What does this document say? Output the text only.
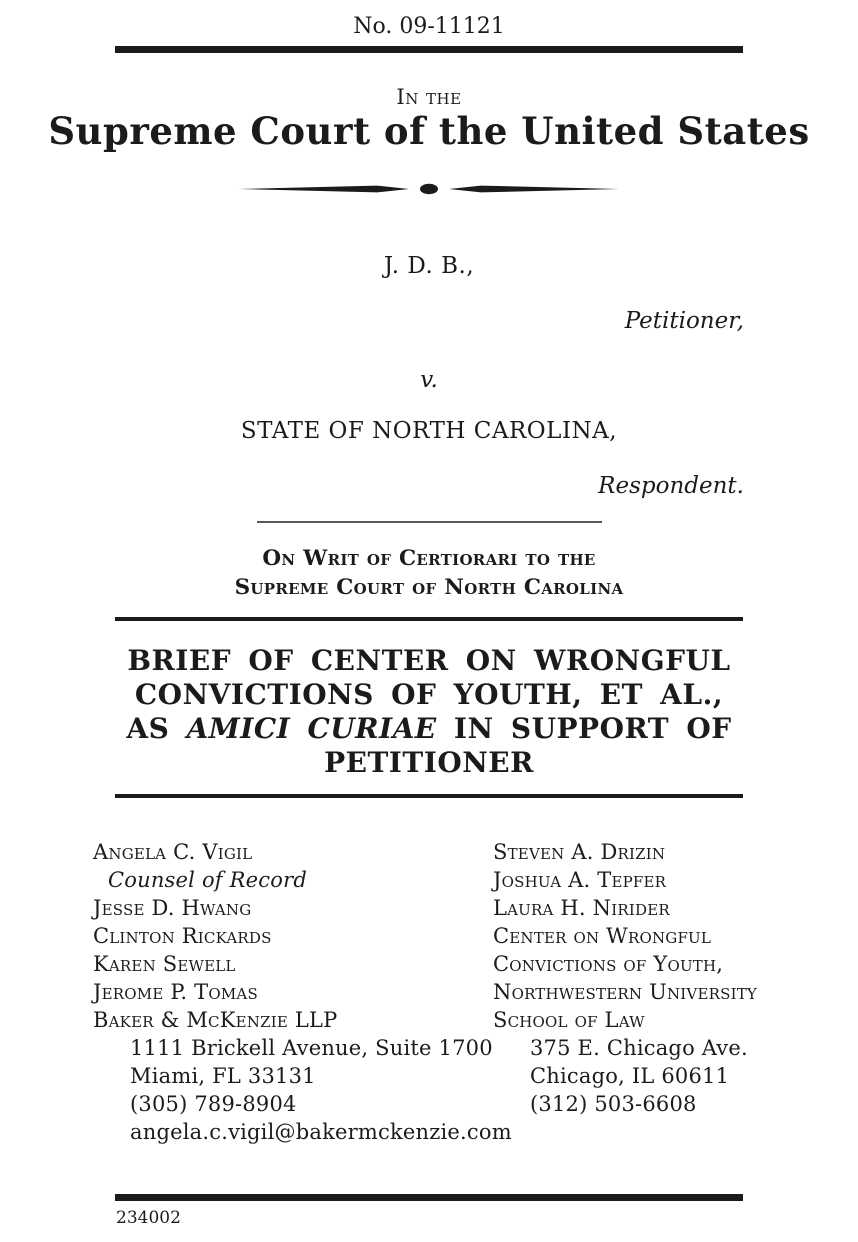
No. 09-11121
In the
Supreme Court of the United States
J. D. B.,
Petitioner,
v.
STATE OF NORTH CAROLINA,
Respondent.
On Writ of Certiorari to the
Supreme Court of North Carolina
BRIEF OF CENTER ON WRONGFUL
CONVICTIONS OF YOUTH, ET AL.,
AS AMICI CURIAE IN SUPPORT OF
PETITIONER
Angela C. Vigil
Counsel of Record
Jesse D. Hwang
Clinton Rickards
Karen Sewell
Jerome P. Tomas
Baker & McKenzie LLP
1111 Brickell Avenue, Suite 1700
Miami, FL 33131
(305) 789-8904
angela.c.vigil@bakermckenzie.com
Steven A. Drizin
Joshua A. Tepfer
Laura H. Nirider
Center on Wrongful
Convictions of Youth,
Northwestern University
School of Law
375 E. Chicago Ave.
Chicago, IL 60611
(312) 503-6608
234002
